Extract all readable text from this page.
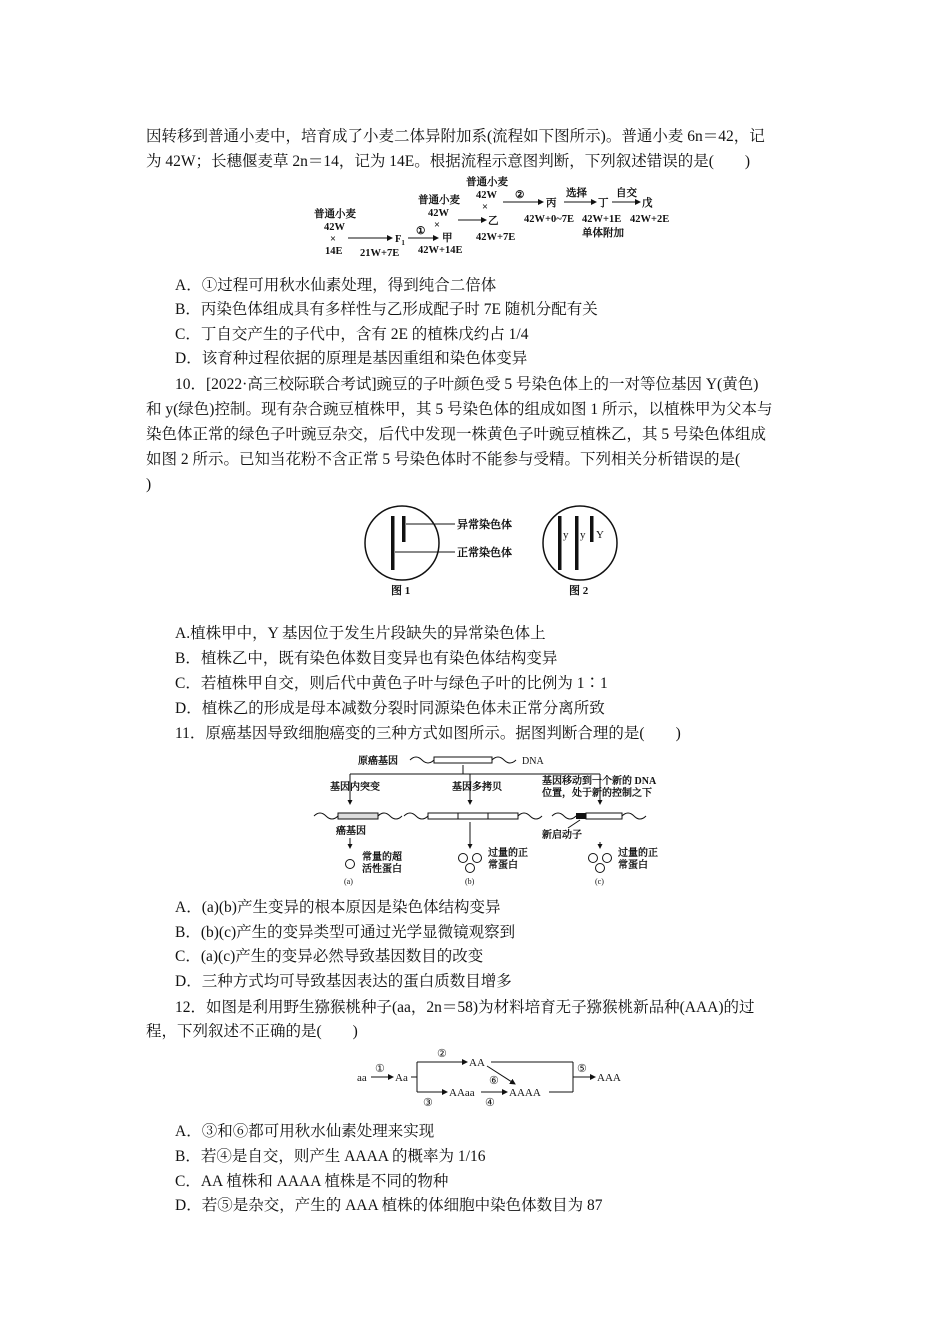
因转移到普通小麦中，培育成了小麦二体异附加系(流程如下图所示)。普通小麦 6n＝42，记
为 42W；长穗偃麦草 2n＝14，记为 14E。根据流程示意图判断，下列叙述错误的是(　　)
普通小麦
42W
×
14E
$F_1$
21W+7E
①
普通小麦
42W
×
甲
42W+14E
普通小麦
42W
×
乙
42W+7E
②
丙
42W+0~7E
选择
丁
42W+1E
单体附加
自交
戊
42W+2E
A．①过程可用秋水仙素处理，得到纯合二倍体
B．丙染色体组成具有多样性与乙形成配子时 7E 随机分配有关
C．丁自交产生的子代中，含有 2E 的植株戊约占 1/4
D．该育种过程依据的原理是基因重组和染色体变异
10．[2022·高三校际联合考试]豌豆的子叶颜色受 5 号染色体上的一对等位基因 Y(黄色)
和 y(绿色)控制。现有杂合豌豆植株甲，其 5 号染色体的组成如图 1 所示，以植株甲为父本与
染色体正常的绿色子叶豌豆杂交，后代中发现一株黄色子叶豌豆植株乙，其 5 号染色体组成
如图 2 所示。已知当花粉不含正常 5 号染色体时不能参与受精。下列相关分析错误的是(
)
异常染色体
正常染色体
图 1
y y Y
图 2
A.植株甲中，Y 基因位于发生片段缺失的异常染色体上
B．植株乙中，既有染色体数目变异也有染色体结构变异
C．若植株甲自交，则后代中黄色子叶与绿色子叶的比例为 1∶1
D．植株乙的形成是母本减数分裂时同源染色体未正常分离所致
11．原癌基因导致细胞癌变的三种方式如图所示。据图判断合理的是(　　)
原癌基因	DNA
基因内突变	基因多拷贝
基因移动到一个新的 DNA
位置，处于新的控制之下
癌基因	新启动子
常量的超
活性蛋白
(a)
过量的正
常蛋白
(b)
过量的正
常蛋白
(c)
A．(a)(b)产生变异的根本原因是染色体结构变异
B．(b)(c)产生的变异类型可通过光学显微镜观察到
C．(a)(c)产生的变异必然导致基因数目的改变
D．三种方式均可导致基因表达的蛋白质数目增多
12．如图是利用野生猕猴桃种子(aa，2n＝58)为材料培育无子猕猴桃新品种(AAA)的过
程，下列叙述不正确的是(　　)
aa
①
Aa
②
AA
③
AAaa
④
⑥
AAAA
⑤
AAA
A．③和⑥都可用秋水仙素处理来实现
B．若④是自交，则产生 AAAA 的概率为 1/16
C．AA 植株和 AAAA 植株是不同的物种
D．若⑤是杂交，产生的 AAA 植株的体细胞中染色体数目为 87
